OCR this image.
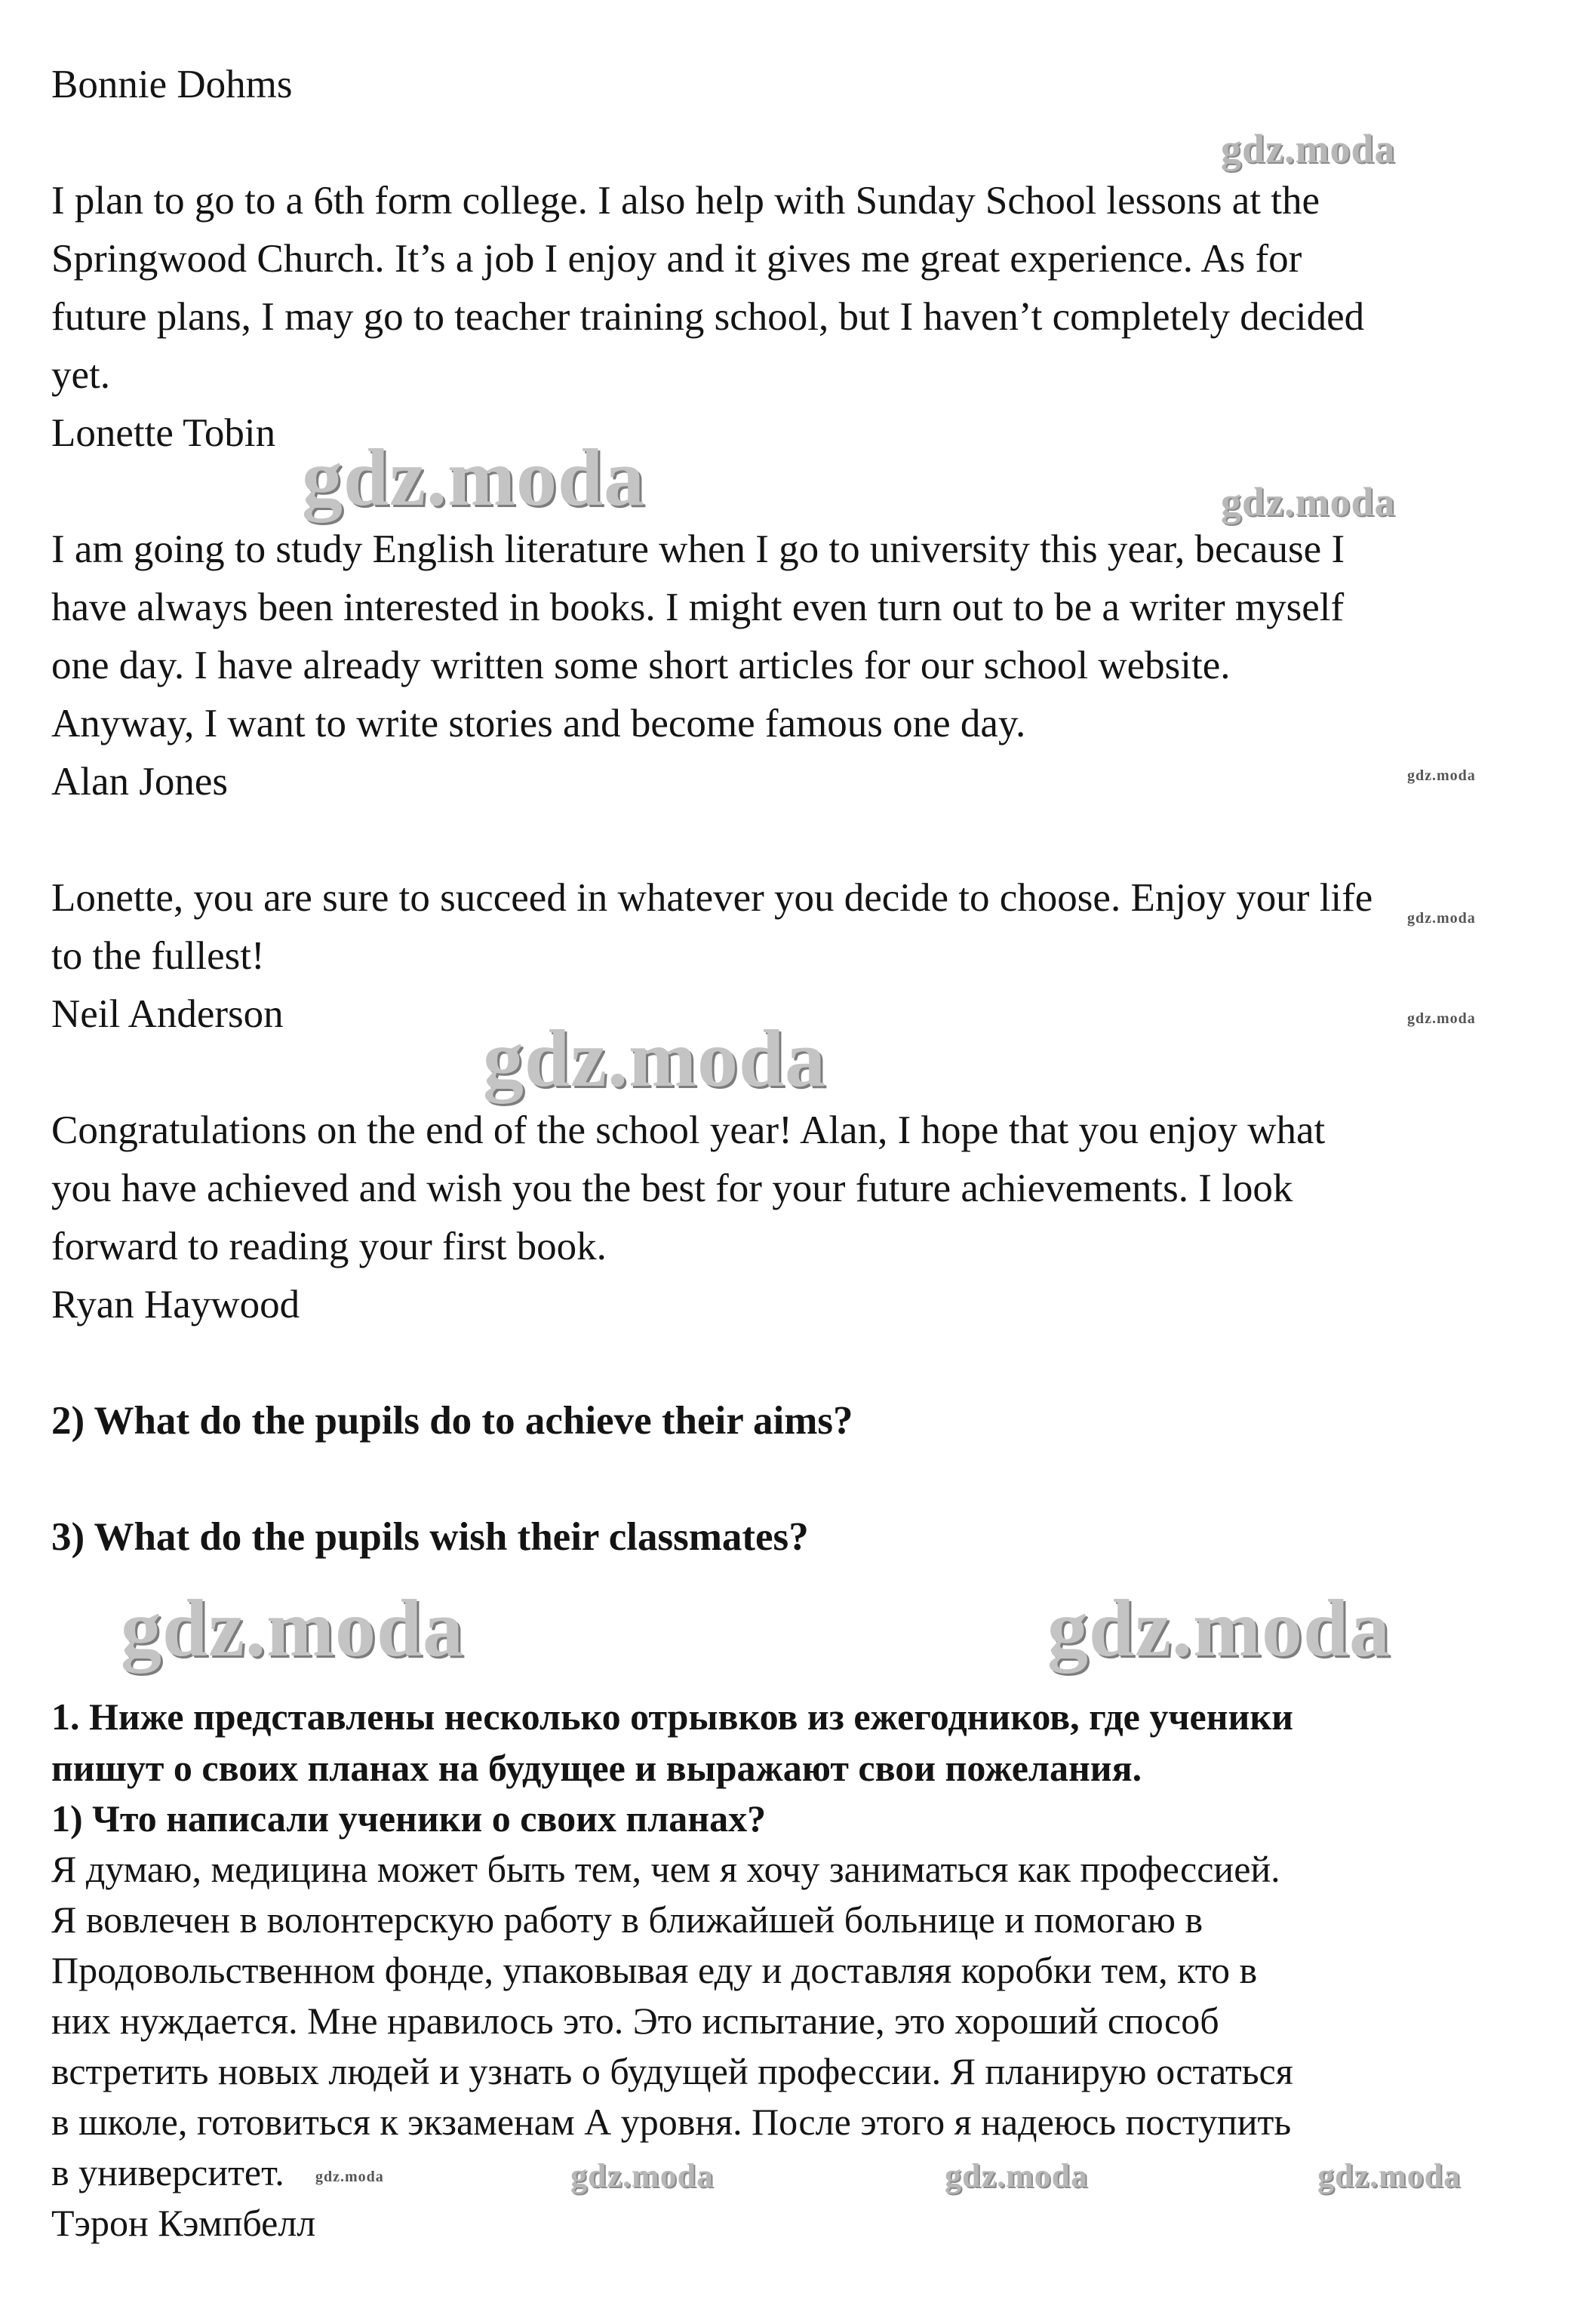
gdz.moda
gdz.moda	gdz.moda
gdz.moda
gdz.moda
gdz.moda	gdz.moda
gdz.moda	gdz.moda
gdz.moda	gdz.moda	gdz.moda	gdz.moda

Bonnie Dohms

I plan to go to a 6th form college. I also help with Sunday School lessons at the

Springwood Church. It’s a job I enjoy and it gives me great experience. As for

future plans, I may go to teacher training school, but I haven’t completely decided

yet.

Lonette Tobin

I am going to study English literature when I go to university this year, because I

have always been interested in books. I might even turn out to be a writer myself

one day. I have already written some short articles for our school website.

Anyway, I want to write stories and become famous one day.

Alan Jones

Lonette, you are sure to succeed in whatever you decide to choose. Enjoy your life

to the fullest!

Neil Anderson

Congratulations on the end of the school year! Alan, I hope that you enjoy what

you have achieved and wish you the best for your future achievements. I look

forward to reading your first book.

Ryan Haywood

2) What do the pupils do to achieve their aims?

3) What do the pupils wish their classmates?

1. Ниже представлены несколько отрывков из ежегодников, где ученики

пишут о своих планах на будущее и выражают свои пожелания.

1) Что написали ученики о своих планах?

Я думаю, медицина может быть тем, чем я хочу заниматься как профессией.

Я вовлечен в волонтерскую работу в ближайшей больнице и помогаю в

Продовольственном фонде, упаковывая еду и доставляя коробки тем, кто в

них нуждается. Мне нравилось это. Это испытание, это хороший способ

встретить новых людей и узнать о будущей профессии. Я планирую остаться

в школе, готовиться к экзаменам А уровня. После этого я надеюсь поступить

в университет.

Тэрон Кэмпбелл
